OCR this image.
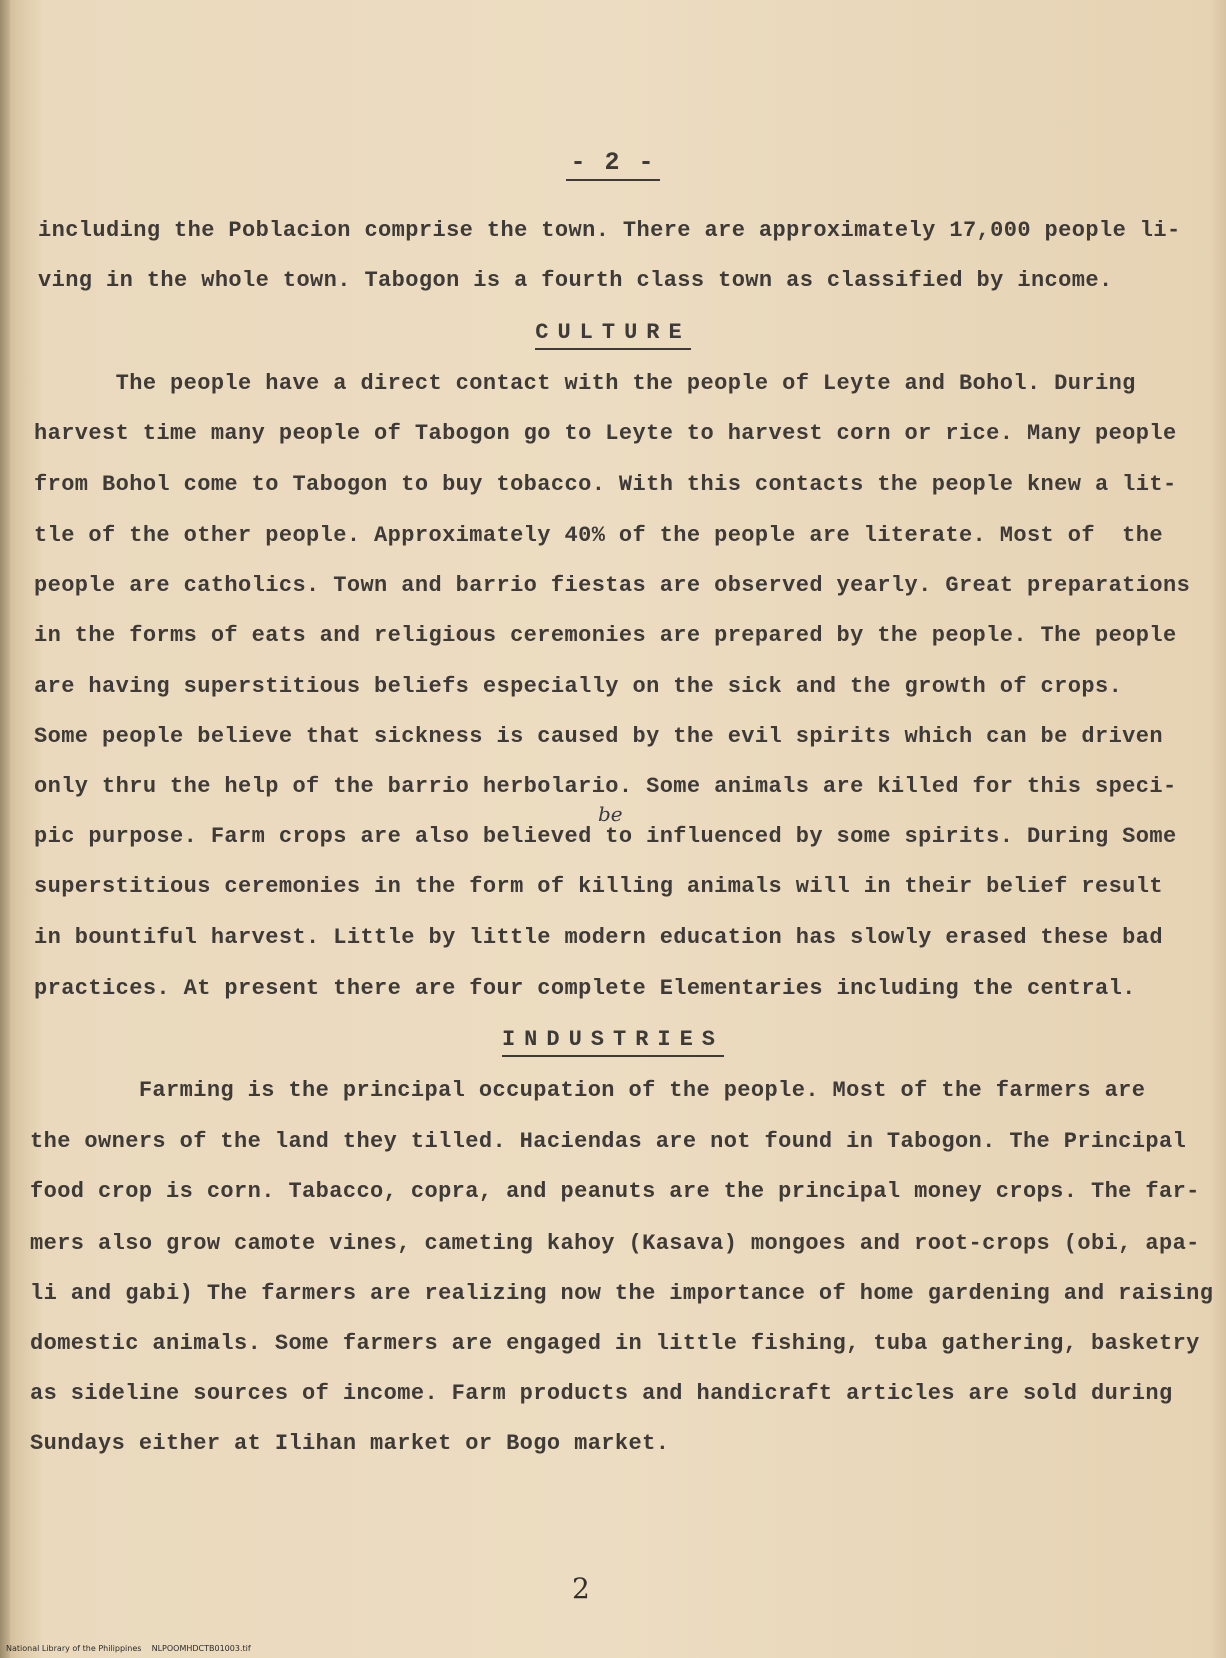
- 2 -
including the Poblacion comprise the town. There are approximately 17,000 people li-
ving in the whole town. Tabogon is a fourth class town as classified by income.
CULTURE
The people have a direct contact with the people of Leyte and Bohol. During
harvest time many people of Tabogon go to Leyte to harvest corn or rice. Many people
from Bohol come to Tabogon to buy tobacco. With this contacts the people knew a lit-
tle of the other people. Approximately 40% of the people are literate. Most of  the
people are catholics. Town and barrio fiestas are observed yearly. Great preparations
in the forms of eats and religious ceremonies are prepared by the people. The people
are having superstitious beliefs especially on the sick and the growth of crops.
Some people believe that sickness is caused by the evil spirits which can be driven
only thru the help of the barrio herbolario. Some animals are killed for this speci-
pic purpose. Farm crops are also believed to influenced by some spirits. During Some
superstitious ceremonies in the form of killing animals will in their belief result
in bountiful harvest. Little by little modern education has slowly erased these bad
practices. At present there are four complete Elementaries including the central.
be
INDUSTRIES
Farming is the principal occupation of the people. Most of the farmers are
the owners of the land they tilled. Haciendas are not found in Tabogon. The Principal
food crop is corn. Tabacco, copra, and peanuts are the principal money crops. The far-
mers also grow camote vines, cameting kahoy (Kasava) mongoes and root-crops (obi, apa-
li and gabi) The farmers are realizing now the importance of home gardening and raising
domestic animals. Some farmers are engaged in little fishing, tuba gathering, basketry
as sideline sources of income. Farm products and handicraft articles are sold during
Sundays either at Ilihan market or Bogo market.
2
National Library of the Philippines    NLPOOMHDCTB01003.tif
